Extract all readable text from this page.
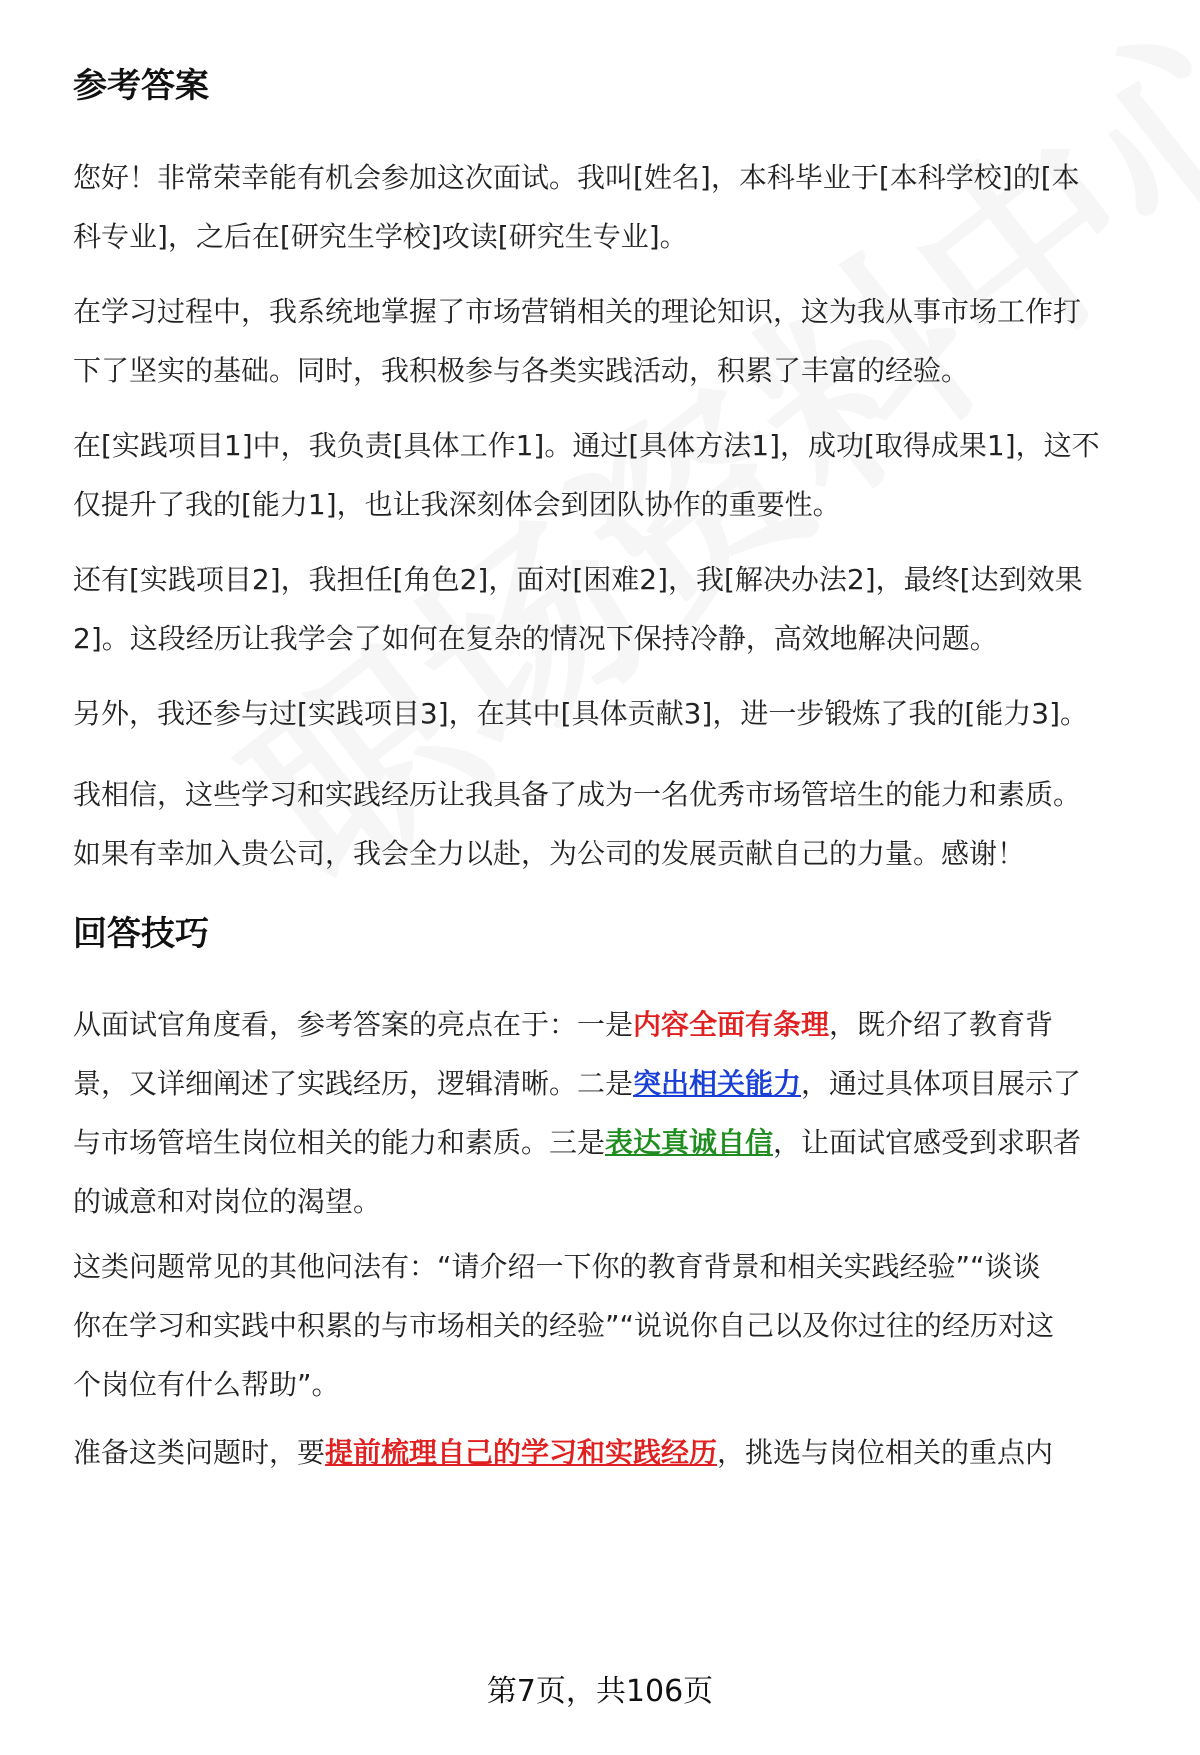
参考答案
您好！非常荣幸能有机会参加这次面试。我叫[姓名]，本科毕业于[本科学校]的[本
科专业]，之后在[研究生学校]攻读[研究生专业]。
在学习过程中，我系统地掌握了市场营销相关的理论知识，这为我从事市场工作打
下了坚实的基础。同时，我积极参与各类实践活动，积累了丰富的经验。
在[实践项目1]中，我负责[具体工作1]。通过[具体方法1]，成功[取得成果1]，这不
仅提升了我的[能力1]，也让我深刻体会到团队协作的重要性。
还有[实践项目2]，我担任[角色2]，面对[困难2]，我[解决办法2]，最终[达到效果
2]。这段经历让我学会了如何在复杂的情况下保持冷静，高效地解决问题。
另外，我还参与过[实践项目3]，在其中[具体贡献3]，进一步锻炼了我的[能力3]。
我相信，这些学习和实践经历让我具备了成为一名优秀市场管培生的能力和素质。
如果有幸加入贵公司，我会全力以赴，为公司的发展贡献自己的力量。感谢！
回答技巧
从面试官角度看，参考答案的亮点在于：一是内容全面有条理，既介绍了教育背
景，又详细阐述了实践经历，逻辑清晰。二是突出相关能力，通过具体项目展示了
与市场管培生岗位相关的能力和素质。三是表达真诚自信，让面试官感受到求职者
的诚意和对岗位的渴望。
这类问题常见的其他问法有：“请介绍一下你的教育背景和相关实践经验”“谈谈
你在学习和实践中积累的与市场相关的经验”“说说你自己以及你过往的经历对这
个岗位有什么帮助”。
准备这类问题时，要提前梳理自己的学习和实践经历，挑选与岗位相关的重点内
第7页，共106页
